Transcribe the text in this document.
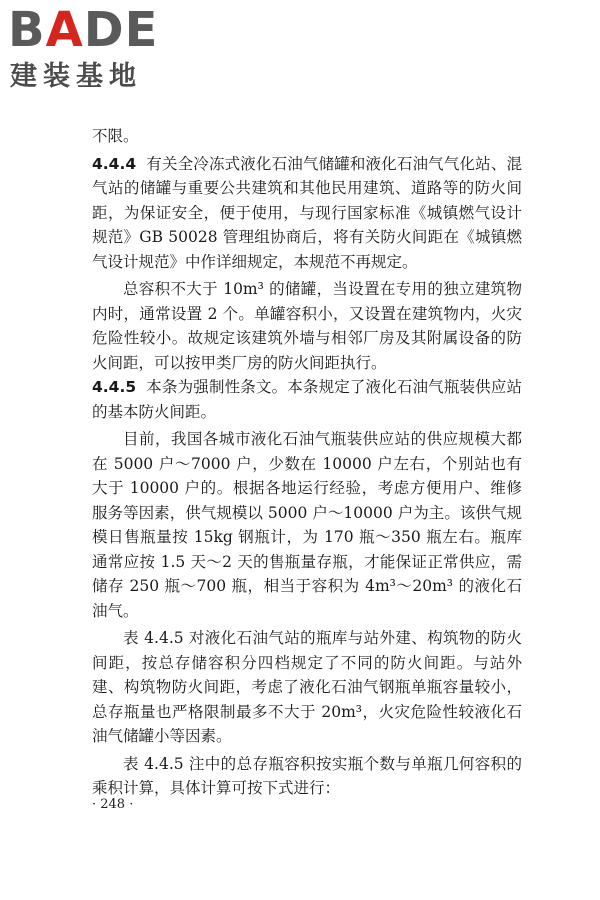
BADE
建装基地

不限。

4.4.4 有关全冷冻式液化石油气储罐和液化石油气气化站、混气站的储罐与重要公共建筑和其他民用建筑、道路等的防火间距，为保证安全，便于使用，与现行国家标准《城镇燃气设计规范》GB 50028 管理组协商后，将有关防火间距在《城镇燃气设计规范》中作详细规定，本规范不再规定。

总容积不大于 10m³ 的储罐，当设置在专用的独立建筑物内时，通常设置 2 个。单罐容积小，又设置在建筑物内，火灾危险性较小。故规定该建筑外墙与相邻厂房及其附属设备的防火间距，可以按甲类厂房的防火间距执行。

4.4.5 本条为强制性条文。本条规定了液化石油气瓶装供应站的基本防火间距。

目前，我国各城市液化石油气瓶装供应站的供应规模大都在 5000 户～7000 户，少数在 10000 户左右，个别站也有大于 10000 户的。根据各地运行经验，考虑方便用户、维修服务等因素，供气规模以 5000 户～10000 户为主。该供气规模日售瓶量按 15kg 钢瓶计，为 170 瓶～350 瓶左右。瓶库通常应按 1.5 天～2 天的售瓶量存瓶，才能保证正常供应，需储存 250 瓶～700 瓶，相当于容积为 4m³～20m³ 的液化石油气。

表 4.4.5 对液化石油气站的瓶库与站外建、构筑物的防火间距，按总存储容积分四档规定了不同的防火间距。与站外建、构筑物防火间距，考虑了液化石油气钢瓶单瓶容量较小，总存瓶量也严格限制最多不大于 20m³，火灾危险性较液化石油气储罐小等因素。

表 4.4.5 注中的总存瓶容积按实瓶个数与单瓶几何容积的乘积计算，具体计算可按下式进行：

· 248 ·
